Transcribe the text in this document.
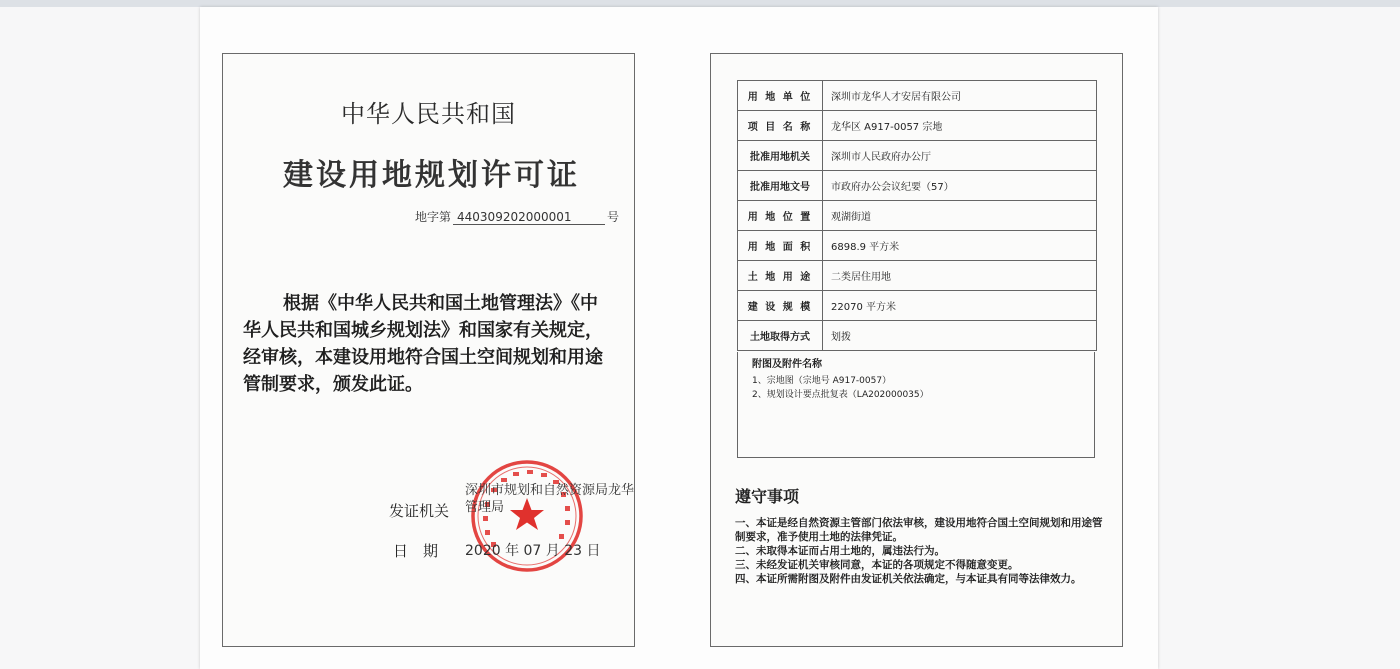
中华人民共和国
建设用地规划许可证
地字第 440309202000001	号
根据《中华人民共和国土地管理法》《中华人民共和国城乡规划法》和国家有关规定，经审核，本建设用地符合国土空间规划和用途管制要求，颁发此证。
发证机关
深圳市规划和自然资源局龙华管理局
日　期 2020 年 07 月 23 日
用 地 单 位	深圳市龙华人才安居有限公司
项 目 名 称	龙华区 A917-0057 宗地
批准用地机关	深圳市人民政府办公厅
批准用地文号	市政府办公会议纪要（57）
用 地 位 置	观湖街道
用 地 面 积	6898.9 平方米
土 地 用 途	二类居住用地
建 设 规 模	22070 平方米
土地取得方式	划拨
附图及附件名称
1、宗地图（宗地号 A917-0057）
2、规划设计要点批复表（LA202000035）
遵守事项
一、本证是经自然资源主管部门依法审核，建设用地符合国土空间规划和用途管制要求，准予使用土地的法律凭证。
二、未取得本证而占用土地的，属违法行为。
三、未经发证机关审核同意，本证的各项规定不得随意变更。
四、本证所需附图及附件由发证机关依法确定，与本证具有同等法律效力。
